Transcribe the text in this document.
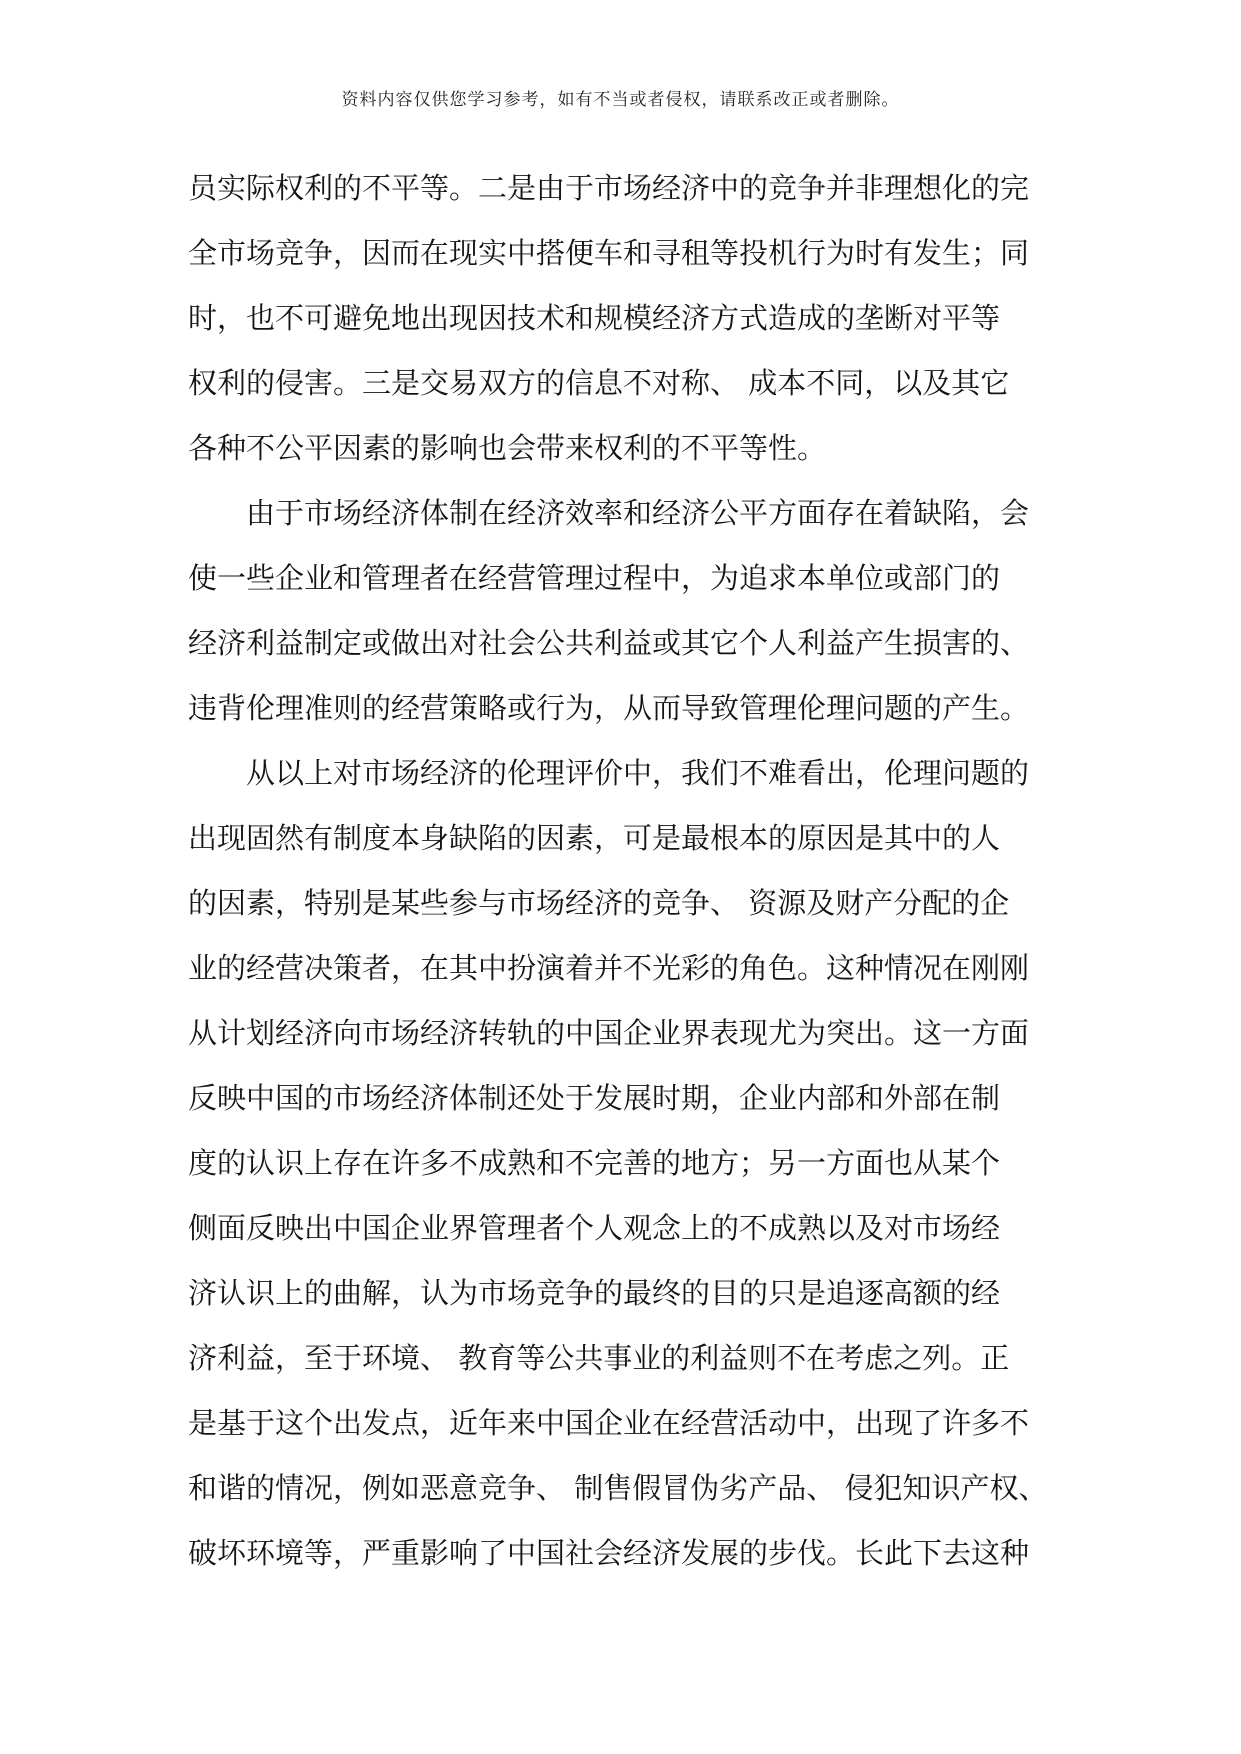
资料内容仅供您学习参考，如有不当或者侵权，请联系改正或者删除。
员实际权利的不平等。二是由于市场经济中的竞争并非理想化的完
全市场竞争，因而在现实中搭便车和寻租等投机行为时有发生；同
时，也不可避免地出现因技术和规模经济方式造成的垄断对平等
权利的侵害。三是交易双方的信息不对称、 成本不同，以及其它
各种不公平因素的影响也会带来权利的不平等性。
由于市场经济体制在经济效率和经济公平方面存在着缺陷，会
使一些企业和管理者在经营管理过程中，为追求本单位或部门的
经济利益制定或做出对社会公共利益或其它个人利益产生损害的、
违背伦理准则的经营策略或行为，从而导致管理伦理问题的产生。
从以上对市场经济的伦理评价中，我们不难看出，伦理问题的
出现固然有制度本身缺陷的因素，可是最根本的原因是其中的人
的因素，特别是某些参与市场经济的竞争、 资源及财产分配的企
业的经营决策者，在其中扮演着并不光彩的角色。这种情况在刚刚
从计划经济向市场经济转轨的中国企业界表现尤为突出。这一方面
反映中国的市场经济体制还处于发展时期，企业内部和外部在制
度的认识上存在许多不成熟和不完善的地方；另一方面也从某个
侧面反映出中国企业界管理者个人观念上的不成熟以及对市场经
济认识上的曲解，认为市场竞争的最终的目的只是追逐高额的经
济利益，至于环境、 教育等公共事业的利益则不在考虑之列。正
是基于这个出发点，近年来中国企业在经营活动中，出现了许多不
和谐的情况，例如恶意竞争、 制售假冒伪劣产品、 侵犯知识产权、
破坏环境等，严重影响了中国社会经济发展的步伐。长此下去这种
